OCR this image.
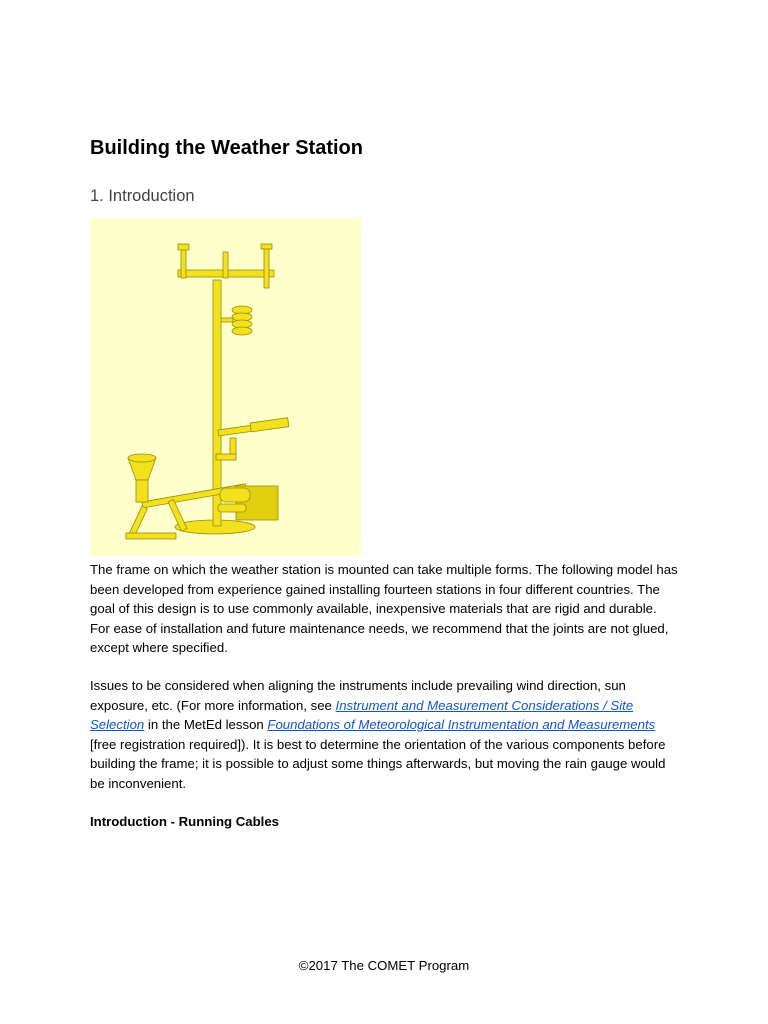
Building the Weather Station
1. Introduction

The frame on which the weather station is mounted can take multiple forms. The following model has been developed from experience gained installing fourteen stations in four different countries. The goal of this design is to use commonly available, inexpensive materials that are rigid and durable. For ease of installation and future maintenance needs, we recommend that the joints are not glued, except where specified.

Issues to be considered when aligning the instruments include prevailing wind direction, sun exposure, etc. (For more information, see Instrument and Measurement Considerations / Site Selection in the MetEd lesson Foundations of Meteorological Instrumentation and Measurements [free registration required]). It is best to determine the orientation of the various components before building the frame; it is possible to adjust some things afterwards, but moving the rain gauge would be inconvenient.

Introduction - Running Cables

©2017 The COMET Program
